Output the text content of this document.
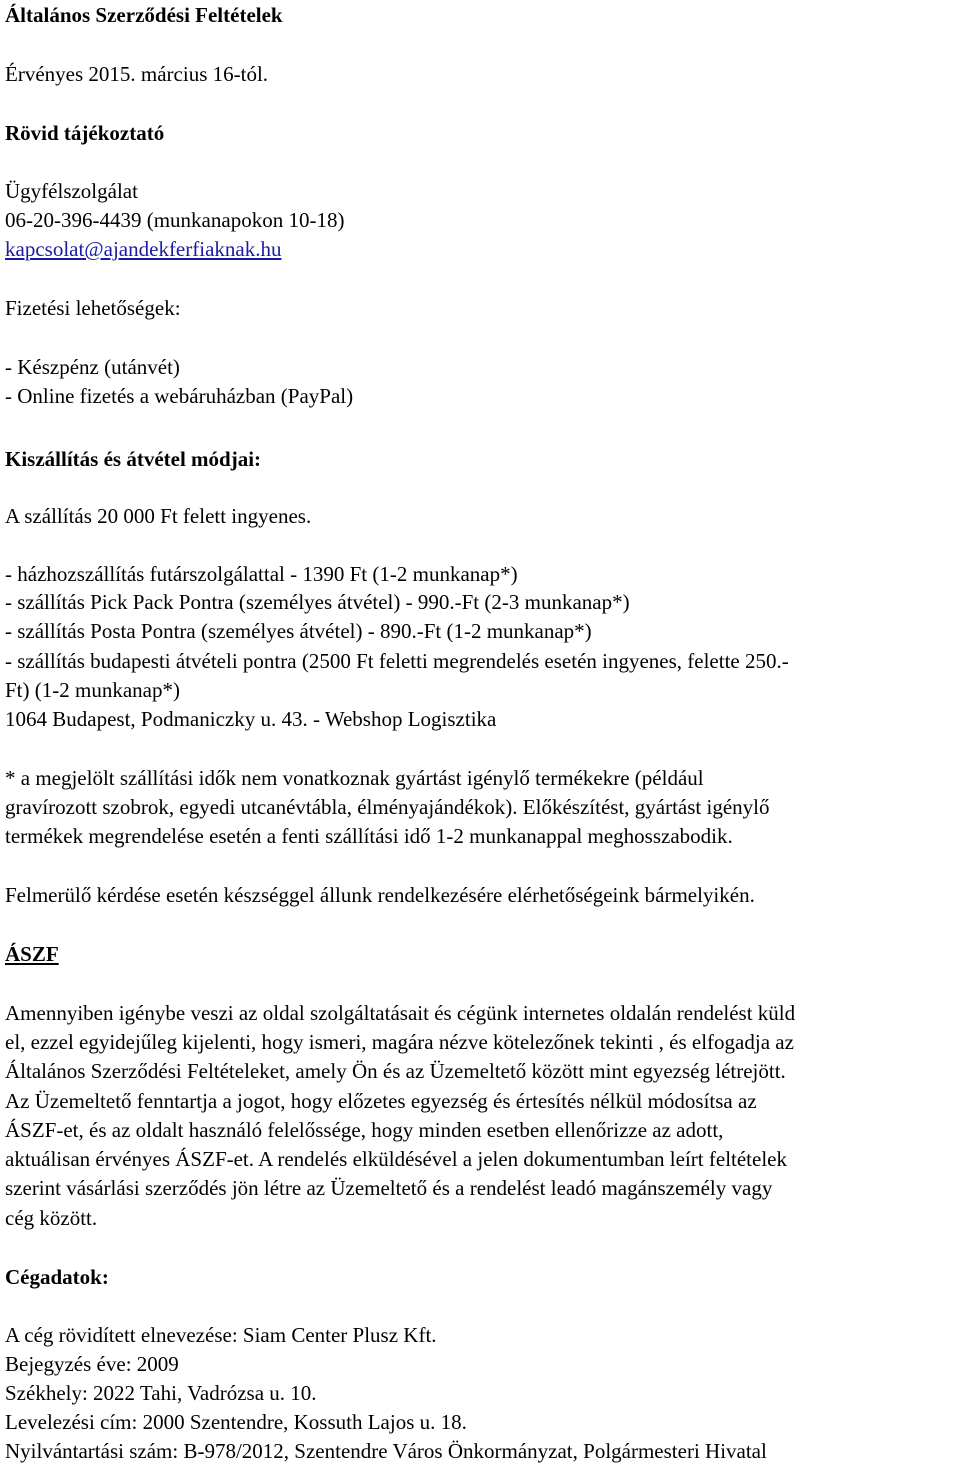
Általános Szerződési Feltételek
Érvényes 2015. március 16-tól.
Rövid tájékoztató
Ügyfélszolgálat
06-20-396-4439 (munkanapokon 10-18)
kapcsolat@ajandekferfiaknak.hu
Fizetési lehetőségek:
- Készpénz (utánvét)
- Online fizetés a webáruházban (PayPal)
Kiszállítás és átvétel módjai:
A szállítás 20 000 Ft felett ingyenes.
- házhozszállítás futárszolgálattal - 1390 Ft (1-2 munkanap*)
- szállítás Pick Pack Pontra (személyes átvétel) - 990.-Ft (2-3 munkanap*)
- szállítás Posta Pontra (személyes átvétel) - 890.-Ft (1-2 munkanap*)
- szállítás budapesti átvételi pontra (2500 Ft feletti megrendelés esetén ingyenes, felette 250.-
Ft) (1-2 munkanap*)
1064 Budapest, Podmaniczky u. 43. - Webshop Logisztika
* a megjelölt szállítási idők nem vonatkoznak gyártást igénylő termékekre (például
gravírozott szobrok, egyedi utcanévtábla, élményajándékok). Előkészítést, gyártást igénylő
termékek megrendelése esetén a fenti szállítási idő 1-2 munkanappal meghosszabodik.
Felmerülő kérdése esetén készséggel állunk rendelkezésére elérhetőségeink bármelyikén.
ÁSZF
Amennyiben igénybe veszi az oldal szolgáltatásait és cégünk internetes oldalán rendelést küld
el, ezzel egyidejűleg kijelenti, hogy ismeri, magára nézve kötelezőnek tekinti , és elfogadja az
Általános Szerződési Feltételeket, amely Ön és az Üzemeltető között mint egyezség létrejött.
Az Üzemeltető fenntartja a jogot, hogy előzetes egyezség és értesítés nélkül módosítsa az
ÁSZF-et, és az oldalt használó felelőssége, hogy minden esetben ellenőrizze az adott,
aktuálisan érvényes ÁSZF-et. A rendelés elküldésével a jelen dokumentumban leírt feltételek
szerint vásárlási szerződés jön létre az Üzemeltető és a rendelést leadó magánszemély vagy
cég között.
Cégadatok:
A cég rövidített elnevezése: Siam Center Plusz Kft.
Bejegyzés éve: 2009
Székhely: 2022 Tahi, Vadrózsa u. 10.
Levelezési cím: 2000 Szentendre, Kossuth Lajos u. 18.
Nyilvántartási szám: B-978/2012, Szentendre Város Önkormányzat, Polgármesteri Hivatal
